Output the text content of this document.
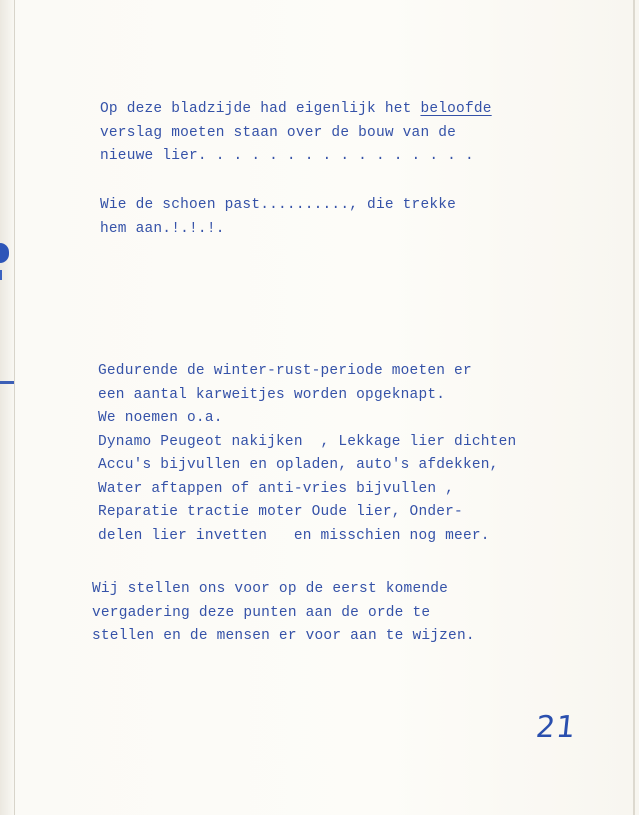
Op deze bladzijde had eigenlijk het beloofde
verslag moeten staan over de bouw van de
nieuwe lier. . . . . . . . . . . . . . . .

Wie de schoen past.........., die trekke
hem aan.!.!.!.

Gedurende de winter-rust-periode moeten er
een aantal karweitjes worden opgeknapt.
We noemen o.a.
Dynamo Peugeot nakijken  , Lekkage lier dichten
Accu's bijvullen en opladen, auto's afdekken,
Water aftappen of anti-vries bijvullen ,
Reparatie tractie moter Oude lier, Onder-
delen lier invetten   en misschien nog meer.

Wij stellen ons voor op de eerst komende
vergadering deze punten aan de orde te
stellen en de mensen er voor aan te wijzen.

21
